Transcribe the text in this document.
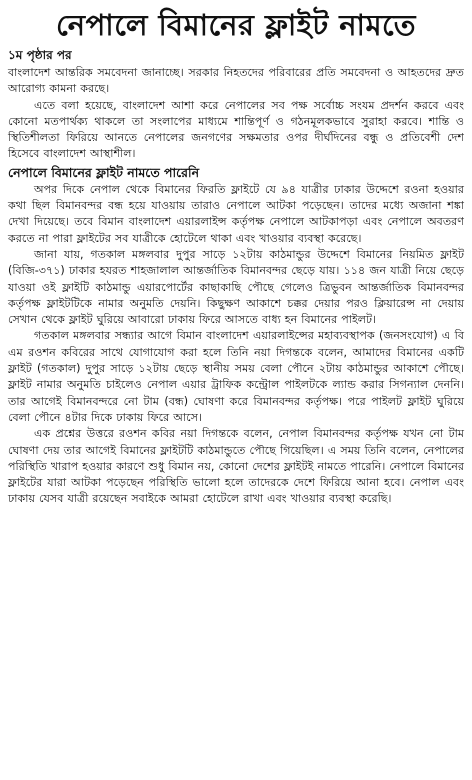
নেপালে বিমানের ফ্লাইট নামতে
১ম পৃষ্ঠার পর

বাংলাদেশ আন্তরিক সমবেদনা জানাচ্ছে। সরকার নিহতদের পরিবারের প্রতি সমবেদনা ও আহতদের দ্রুত আরোগ্য কামনা করছে।

এতে বলা হয়েছে, বাংলাদেশ আশা করে নেপালের সব পক্ষ সর্বোচ্চ সংযম প্রদর্শন করবে এবং কোনো মতপার্থক্য থাকলে তা সংলাপের মাধ্যমে শান্তিপূর্ণ ও গঠনমূলকভাবে সুরাহা করবে। শান্তি ও স্থিতিশীলতা ফিরিয়ে আনতে নেপালের জনগণের সক্ষমতার ওপর দীর্ঘদিনের বন্ধু ও প্রতিবেশী দেশ হিসেবে বাংলাদেশ আস্থাশীল।

নেপালে বিমানের ফ্লাইট নামতে পারেনি

অপর দিকে নেপাল থেকে বিমানের ফিরতি ফ্লাইটে যে ৯৪ যাত্রীর ঢাকার উদ্দেশে রওনা হওয়ার কথা ছিল বিমানবন্দর বন্ধ হয়ে যাওয়ায় তারাও নেপালে আটকা পড়েছেন। তাদের মধ্যে অজানা শঙ্কা দেখা দিয়েছে। তবে বিমান বাংলাদেশ এয়ারলাইন্স কর্তৃপক্ষ নেপালে আটকাপড়া এবং নেপালে অবতরণ করতে না পারা ফ্লাইটের সব যাত্রীকে হোটেলে থাকা এবং খাওয়ার ব্যবস্থা করেছে।

জানা যায়, গতকাল মঙ্গলবার দুপুর সাড়ে ১২টায় কাঠমান্ডুর উদ্দেশে বিমানের নিয়মিত ফ্লাইট (বিজি-৩৭১) ঢাকার হযরত শাহজালাল আন্তর্জাতিক বিমানবন্দর ছেড়ে যায়। ১১৪ জন যাত্রী নিয়ে ছেড়ে যাওয়া ওই ফ্লাইটি কাঠমান্ডু এয়ারপোর্টের কাছাকাছি পৌছে গেলেও ত্রিভুবন আন্তর্জাতিক বিমানবন্দর কর্তৃপক্ষ ফ্লাইটটিকে নামার অনুমতি দেয়নি। কিছুক্ষণ আকাশে চক্কর দেয়ার পরও ক্লিয়ারেন্স না দেয়ায় সেখান থেকে ফ্লাইট ঘুরিয়ে আবারো ঢাকায় ফিরে আসতে বাধ্য হন বিমানের পাইলট।

গতকাল মঙ্গলবার সন্ধ্যার আগে বিমান বাংলাদেশ এয়ারলাইন্সের মহাব্যবস্থাপক (জনসংযোগ) এ বি এম রওশন কবিরের সাথে যোগাযোগ করা হলে তিনি নয়া দিগন্তকে বলেন, আমাদের বিমানের একটি ফ্লাইট (গতকাল) দুপুর সাড়ে ১২টায় ছেড়ে স্থানীয় সময় বেলা পৌনে ২টায় কাঠমান্ডুর আকাশে পৌছে। ফ্লাইট নামার অনুমতি চাইলেও নেপাল এয়ার ট্রাফিক কন্ট্রোল পাইলটকে ল্যান্ড করার সিগন্যাল দেননি। তার আগেই বিমানবন্দরে নো টাম (বন্ধ) ঘোষণা করে বিমানবন্দর কর্তৃপক্ষ। পরে পাইলট ফ্লাইট ঘুরিয়ে বেলা পৌনে ৪টার দিকে ঢাকায় ফিরে আসে।

এক প্রশ্নের উত্তরে রওশন কবির নয়া দিগন্তকে বলেন, নেপাল বিমানবন্দর কর্তৃপক্ষ যখন নো টাম ঘোষণা দেয় তার আগেই বিমানের ফ্লাইটটি কাঠমান্ডুতে পৌছে গিয়েছিল। এ সময় তিনি বলেন, নেপালের পরিস্থিতি খারাপ হওয়ার কারণে শুধু বিমান নয়, কোনো দেশের ফ্লাইটই নামতে পারেনি। নেপালে বিমানের ফ্লাইটের যারা আটকা পড়েছেন পরিস্থিতি ভালো হলে তাদেরকে দেশে ফিরিয়ে আনা হবে। নেপাল এবং ঢাকায় যেসব যাত্রী রয়েছেন সবাইকে আমরা হোটেলে রাখা এবং খাওয়ার ব্যবস্থা করেছি।
